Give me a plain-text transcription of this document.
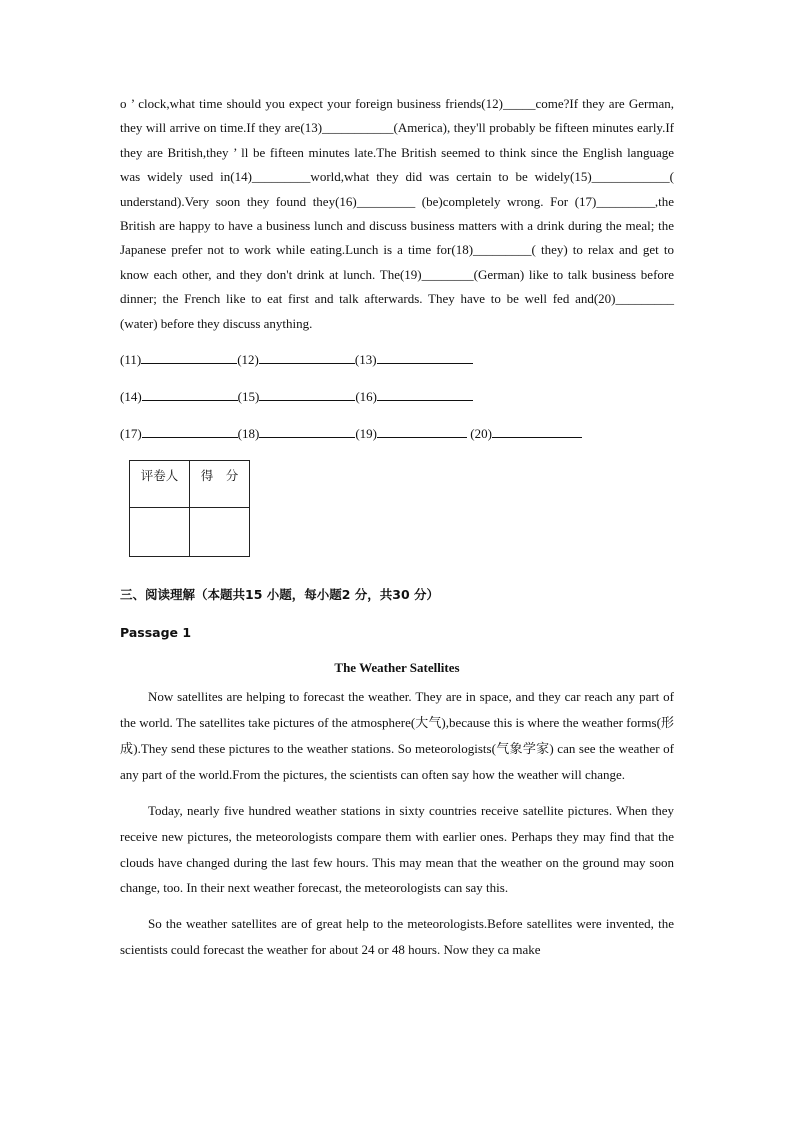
o ’ clock,what time should you expect your foreign business friends(12)_____come?If they are German, they will arrive on time.If they are(13)___________(America), they'll probably be fifteen minutes early.If they are British,they ’ ll be fifteen minutes late.The British seemed to think since the English language was widely used in(14)_________world,what they did was certain to be widely(15)____________( understand).Very soon they found they(16)_________ (be)completely wrong. For (17)_________,the British are happy to have a business lunch and discuss business matters with a drink during the meal; the Japanese prefer not to work while eating.Lunch is a time for(18)_________( they) to relax and get to know each other, and they don't drink at lunch. The(19)________(German) like to talk business before dinner; the French like to eat first and talk afterwards. They have to be well fed and(20)_________ (water) before they discuss anything.

(11)	(12)	(13)

(14)	(15)	(16)

(17)	(18)	(19)	(20)

评卷人	得　分

三、阅读理解（本题共15 小题，每小题2 分，共30 分）

Passage 1

The Weather Satellites

Now satellites are helping to forecast the weather. They are in space, and they car reach any part of the world. The satellites take pictures of the atmosphere(大气),because this is where the weather forms(形成).They send these pictures to the weather stations. So meteorologists(气象学家) can see the weather of any part of the world.From the pictures, the scientists can often say how the weather will change.

Today, nearly five hundred weather stations in sixty countries receive satellite pictures. When they receive new pictures, the meteorologists compare them with earlier ones. Perhaps they may find that the clouds have changed during the last few hours. This may mean that the weather on the ground may soon change, too. In their next weather forecast, the meteorologists can say this.

So the weather satellites are of great help to the meteorologists.Before satellites were invented, the scientists could forecast the weather for about 24 or 48 hours. Now they ca make
